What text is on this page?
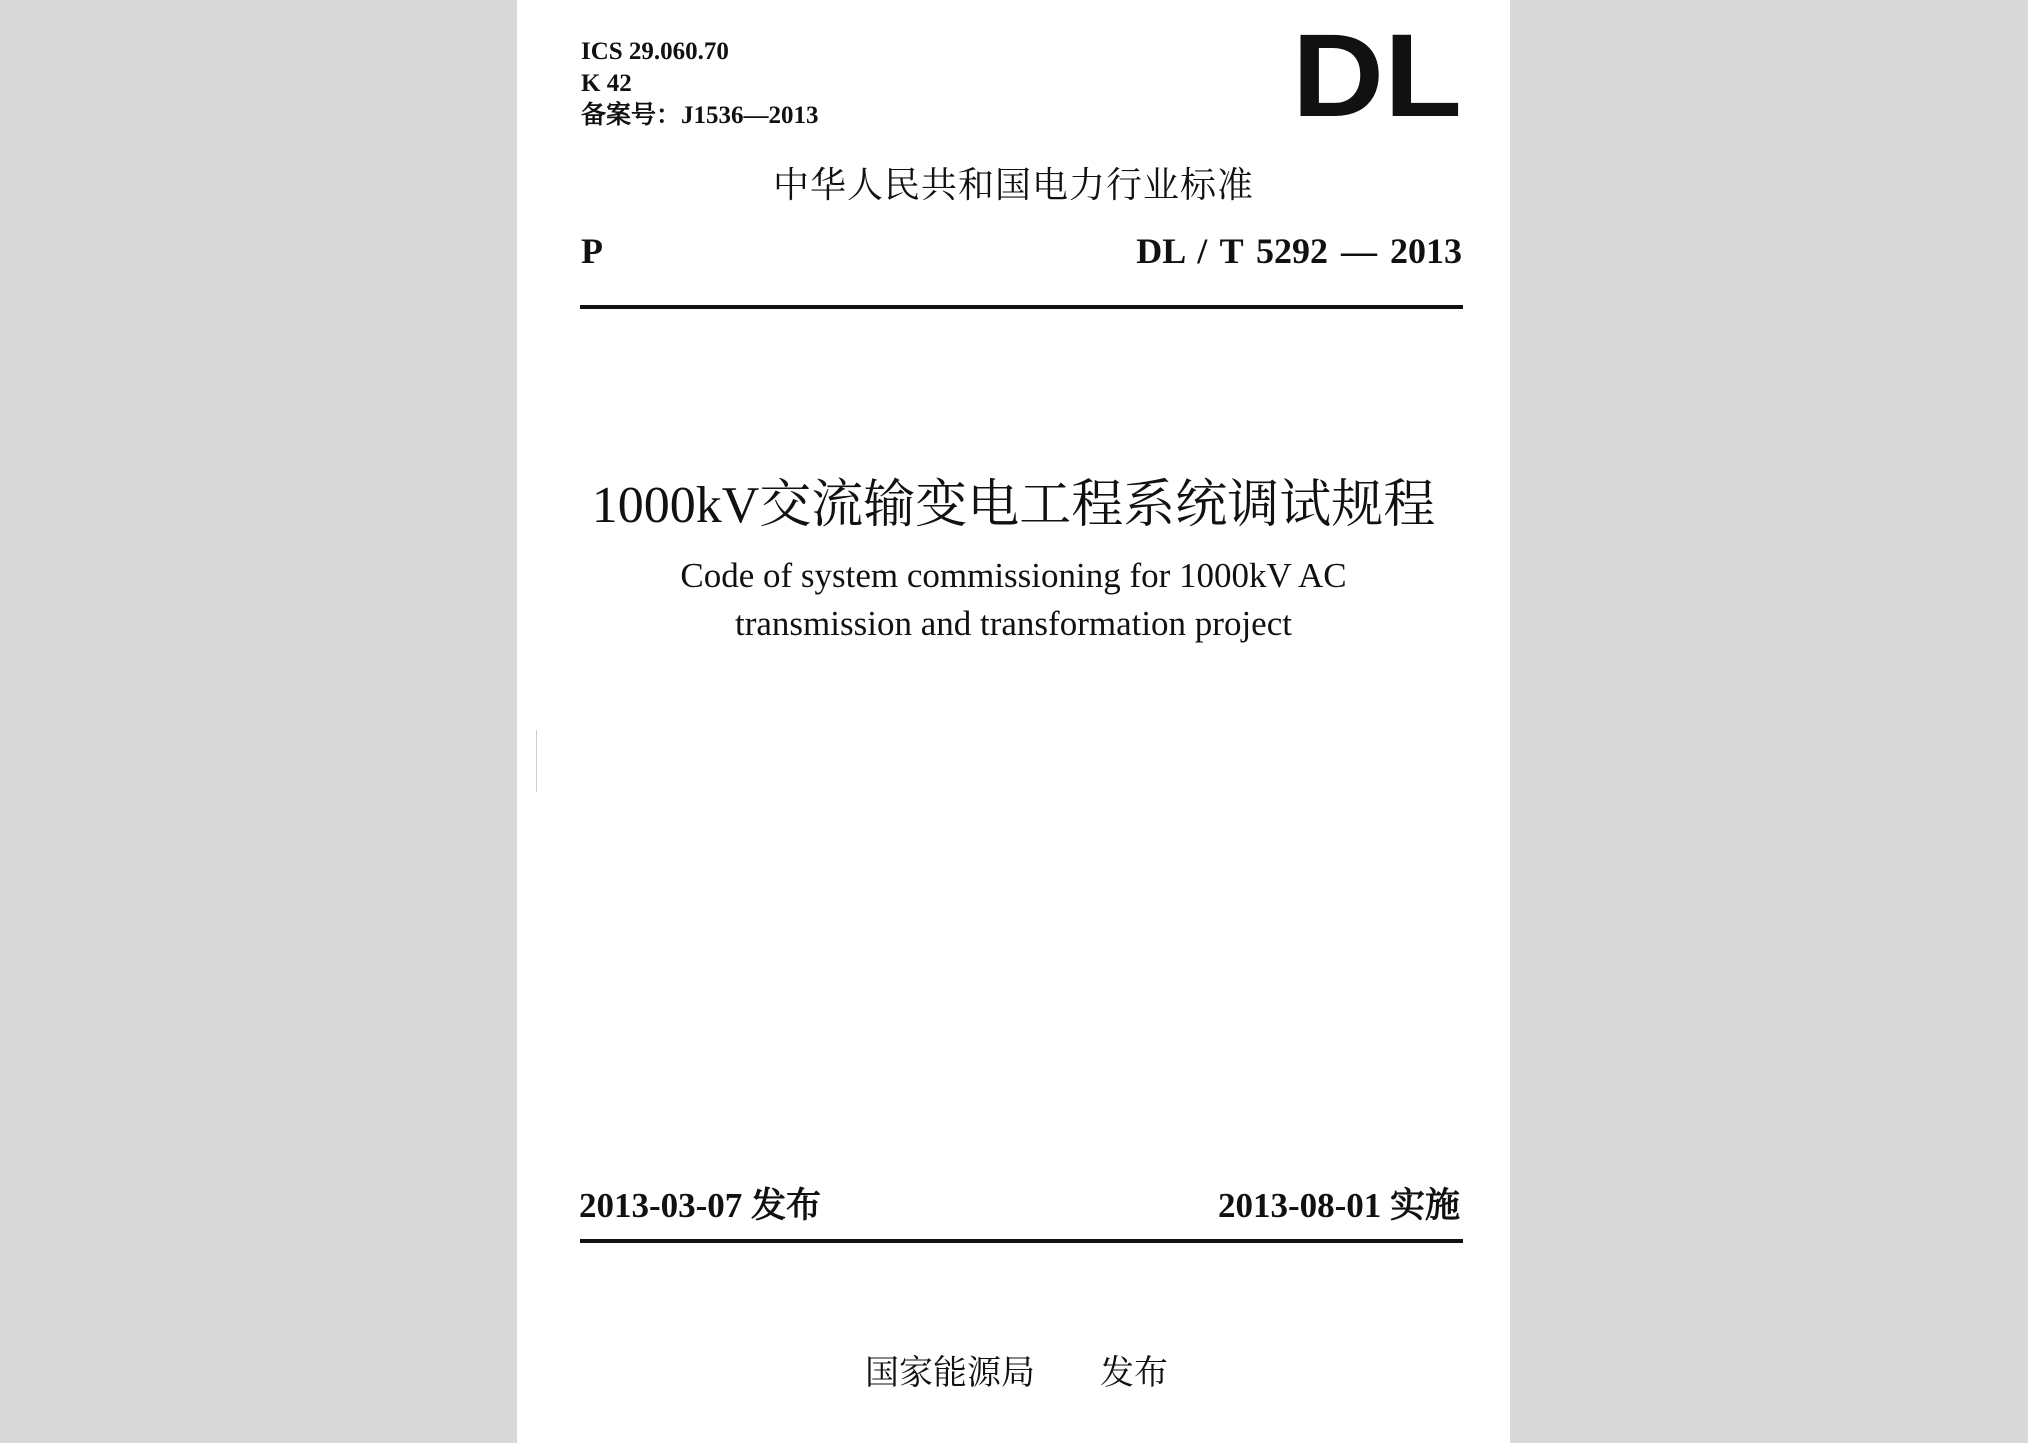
ICS 29.060.70
K 42
备案号：J1536—2013	DL
中华人民共和国电力行业标准
P	DL / T 5292 — 2013
1000kV交流输变电工程系统调试规程
Code of system commissioning for 1000kV AC
transmission and transformation project
2013-03-07 发布	2013-08-01 实施
国家能源局 发布
